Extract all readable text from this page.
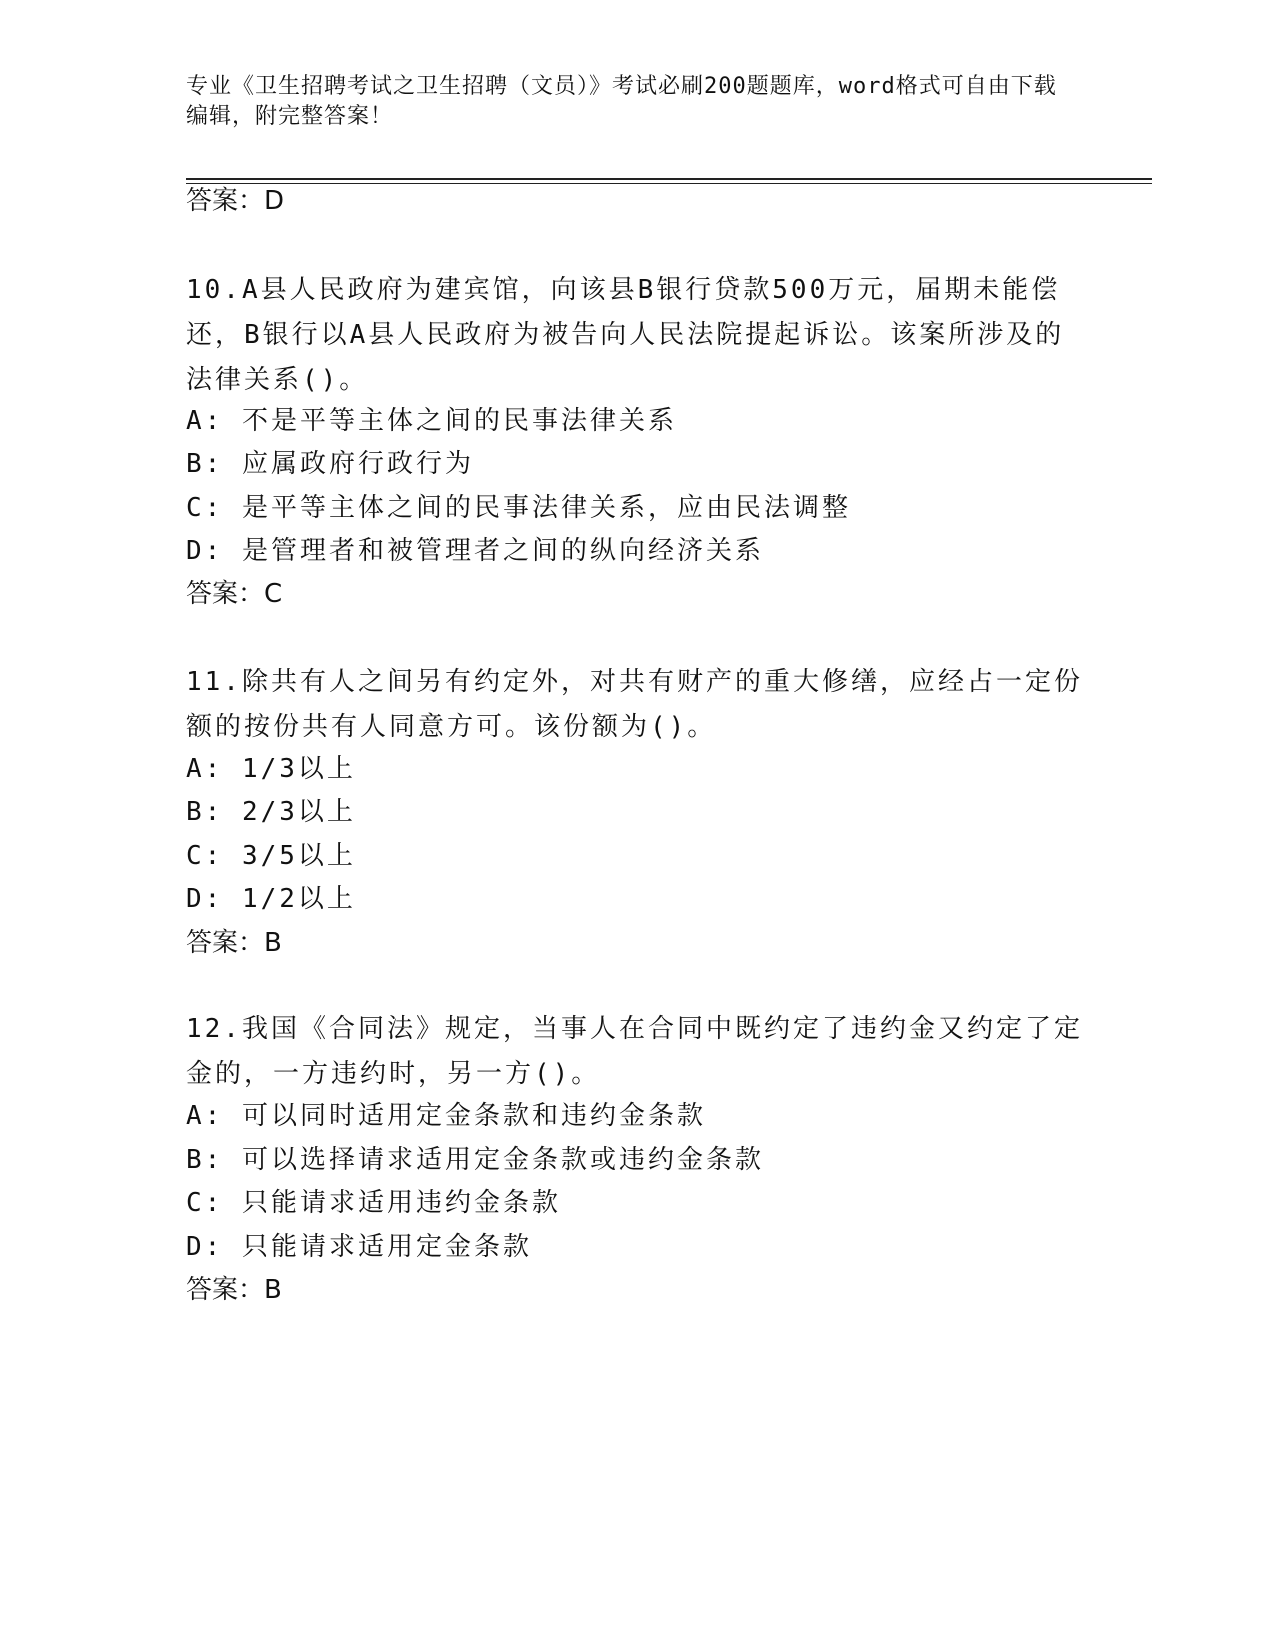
专业《卫生招聘考试之卫生招聘（文员）》考试必刷200题题库，word格式可自由下载编辑，附完整答案！
答案：D
10.A县人民政府为建宾馆，向该县B银行贷款500万元，届期未能偿还，B银行以A县人民政府为被告向人民法院提起诉讼。该案所涉及的法律关系()。
A: 不是平等主体之间的民事法律关系
B: 应属政府行政行为
C: 是平等主体之间的民事法律关系，应由民法调整
D: 是管理者和被管理者之间的纵向经济关系
答案：C
11.除共有人之间另有约定外，对共有财产的重大修缮，应经占一定份额的按份共有人同意方可。该份额为()。
A: 1/3以上
B: 2/3以上
C: 3/5以上
D: 1/2以上
答案：B
12.我国《合同法》规定，当事人在合同中既约定了违约金又约定了定金的，一方违约时，另一方()。
A: 可以同时适用定金条款和违约金条款
B: 可以选择请求适用定金条款或违约金条款
C: 只能请求适用违约金条款
D: 只能请求适用定金条款
答案：B
